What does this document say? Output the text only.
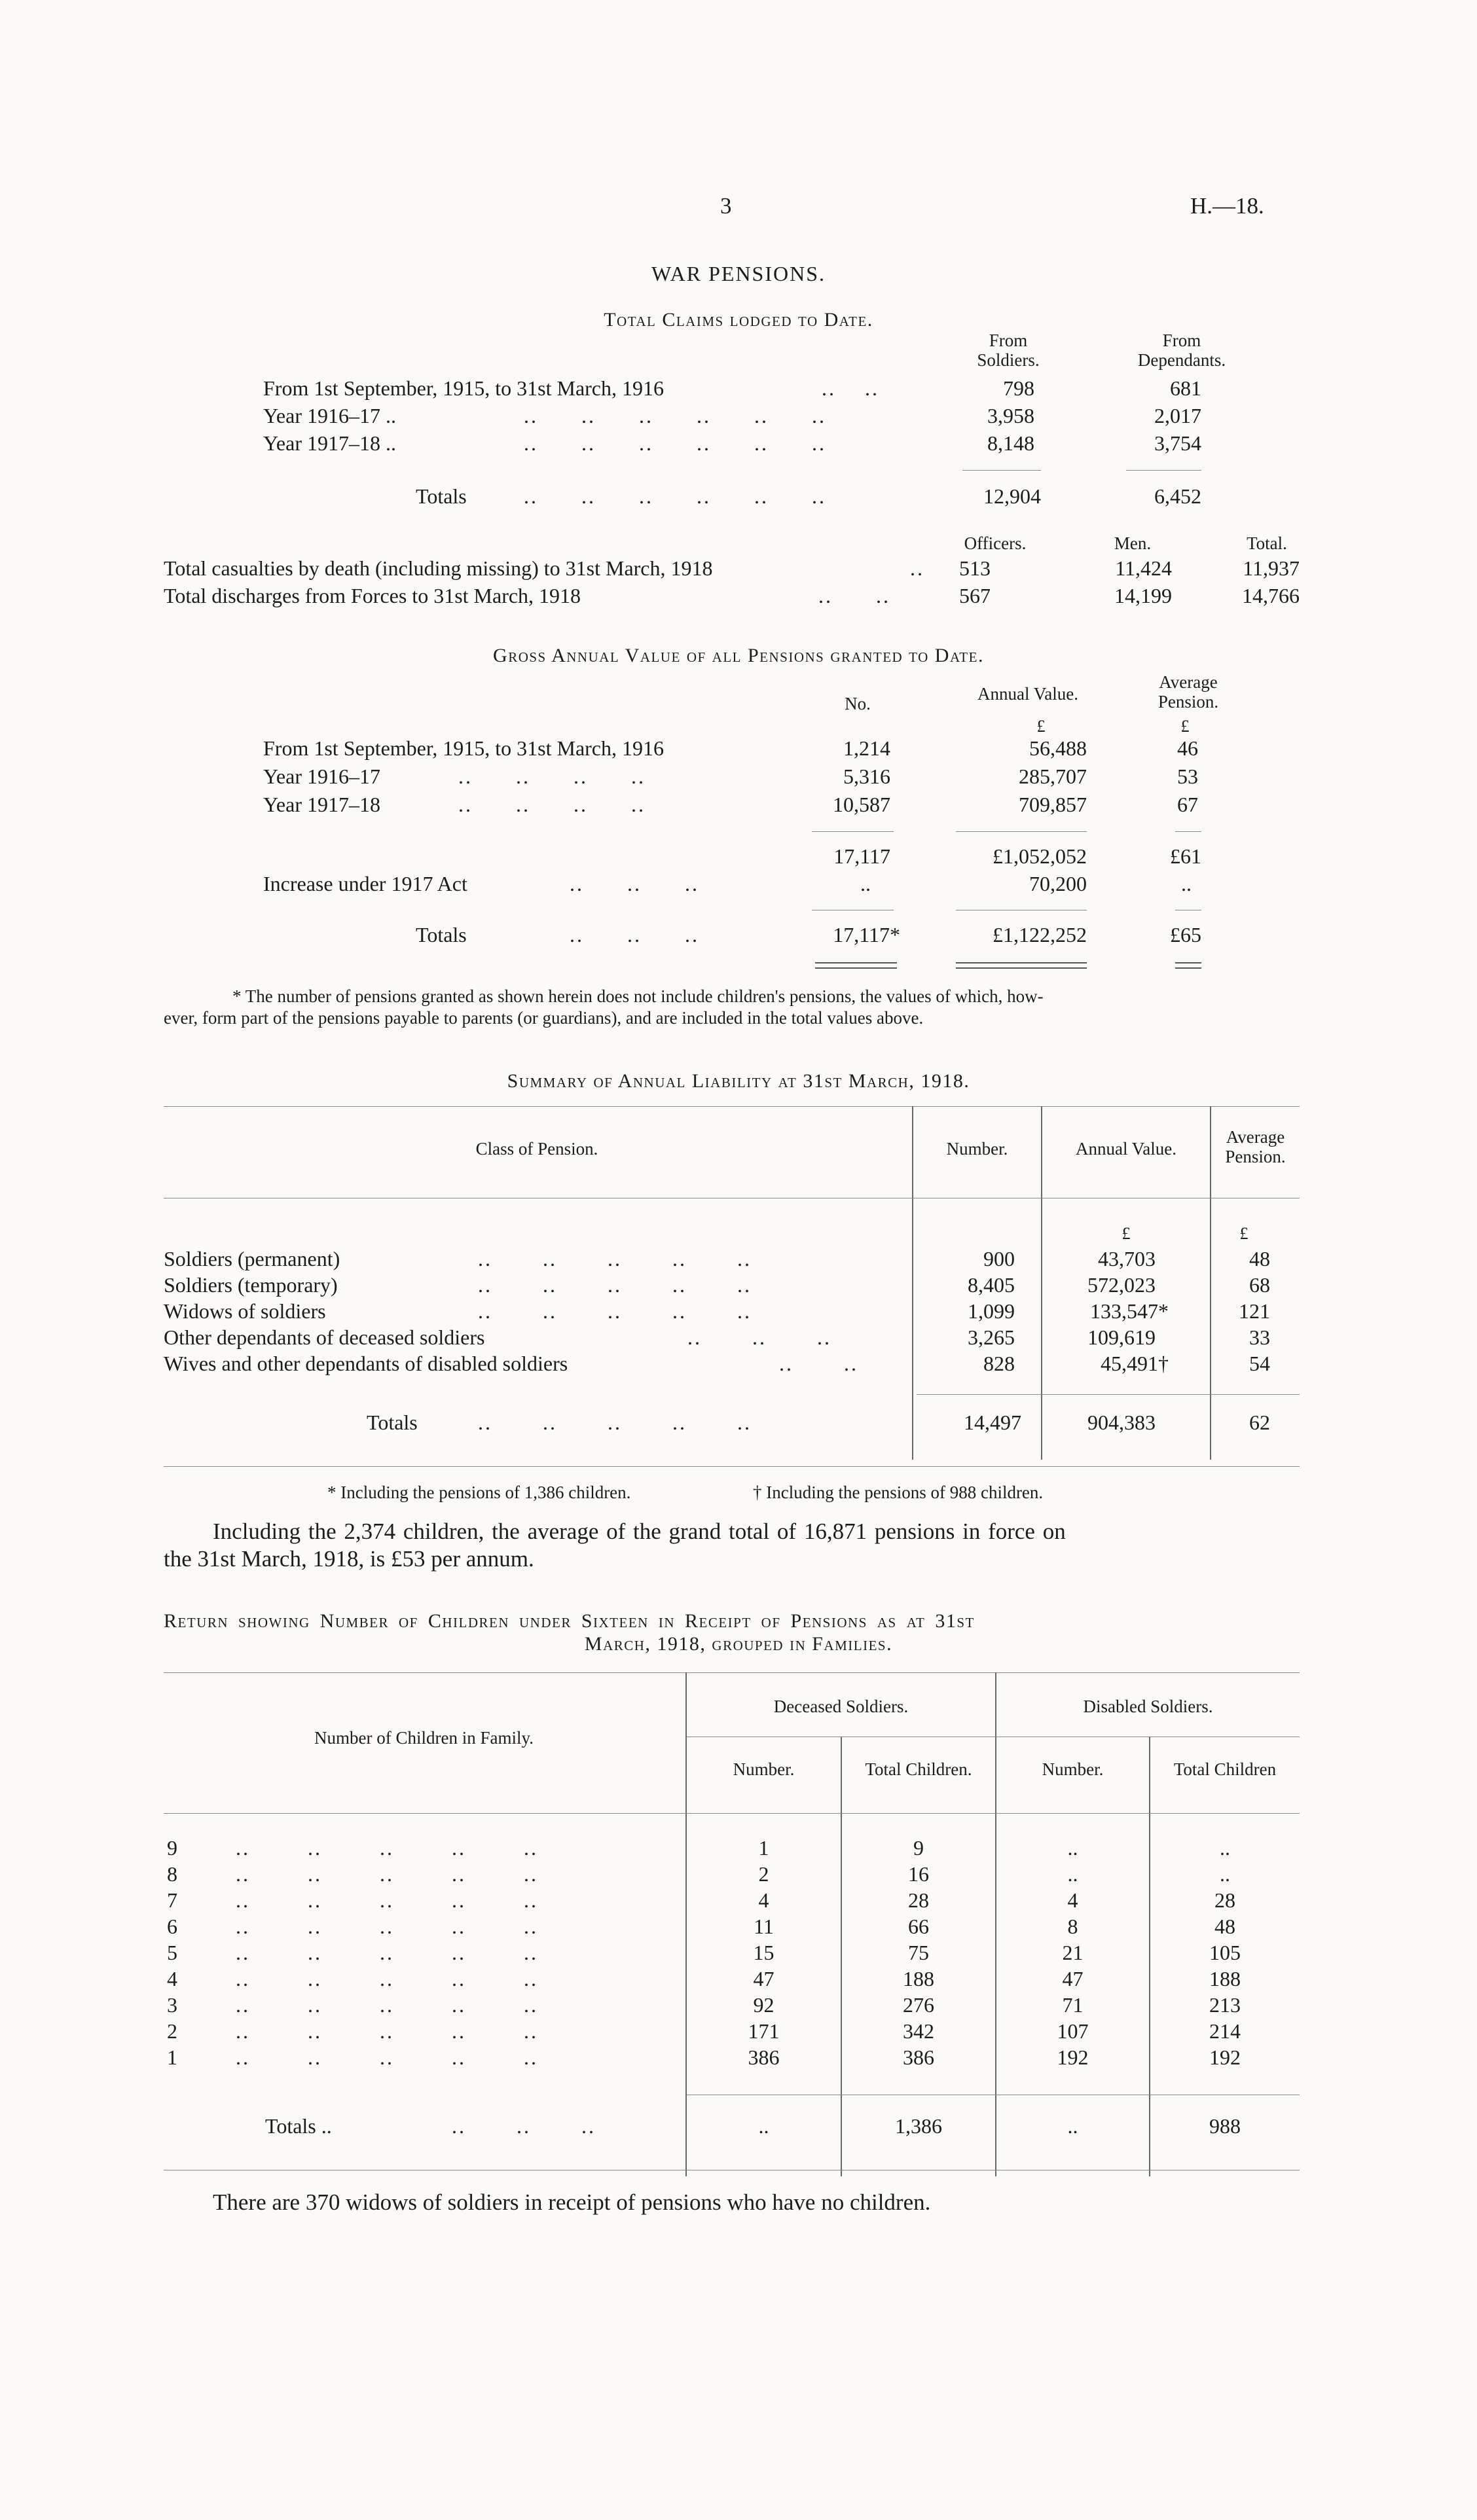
3	H.—18.
WAR PENSIONS.
Total Claims lodged to Date.
From
Soldiers.
From
Dependants.
From 1st September, 1915, to 31st March, 1916	..    ..	798	681
Year 1916–17 ..	..      ..      ..      ..      ..      ..	3,958	2,017
Year 1917–18 ..	..      ..      ..      ..      ..      ..	8,148	3,754
Totals	..      ..      ..      ..      ..      ..	12,904	6,452
Officers.	Men.	Total.
Total casualties by death (including missing) to 31st March, 1918	.. 513	11,424	11,937
Total discharges from Forces to 31st March, 1918	..      ..	567	14,199	14,766
Gross Annual Value of all Pensions granted to Date.
No.	Annual Value.
Average
Pension.
£	£
From 1st September, 1915, to 31st March, 1916	1,214	56,488	46
Year 1916–17	..      ..      ..      ..	5,316	285,707	53
Year 1917–18	..      ..      ..      ..	10,587	709,857	67
17,117	£1,052,052	£61
Increase under 1917 Act	..      ..      ..	..	70,200	..
Totals	..      ..      ..	17,117*	£1,122,252	£65
* The number of pensions granted as shown herein does not include children's pensions, the values of which, how-
ever, form part of the pensions payable to parents (or guardians), and are included in the total values above.
Summary of Annual Liability at 31st March, 1918.
Class of Pension.	Number.	Annual Value.
Average
Pension.
£	£
Soldiers (permanent)	..       ..       ..       ..       ..	900	43,703	48
Soldiers (temporary)	..       ..       ..       ..       ..	8,405	572,023	68
Widows of soldiers	..       ..       ..       ..       ..	1,099	133,547*	121
Other dependants of deceased soldiers	..       ..       ..	3,265	109,619	33
Wives and other dependants of disabled soldiers	..       ..	828	45,491†	54
Totals	..       ..       ..       ..       ..	14,497	904,383	62
* Including the pensions of 1,386 children.	† Including the pensions of 988 children.
Including the 2,374 children, the average of the grand total of 16,871 pensions in force on
the 31st March, 1918, is £53 per annum.
Return showing Number of Children under Sixteen in Receipt of Pensions as at 31st
March, 1918, grouped in Families.
Number of Children in Family.
Deceased Soldiers.	Disabled Soldiers.
Number.	Total Children.	Number.	Total Children
9	..        ..        ..        ..        ..	1	9	..	..
8	..        ..        ..        ..        ..	2	16	..	..
7	..        ..        ..        ..        ..	4	28	4	28
6	..        ..        ..        ..        ..	11	66	8	48
5	..        ..        ..        ..        ..	15	75	21	105
4	..        ..        ..        ..        ..	47	188	47	188
3	..        ..        ..        ..        ..	92	276	71	213
2	..        ..        ..        ..        ..	171	342	107	214
1	..        ..        ..        ..        ..	386	386	192	192
Totals ..	..       ..       ..	..	1,386	..	988
There are 370 widows of soldiers in receipt of pensions who have no children.
